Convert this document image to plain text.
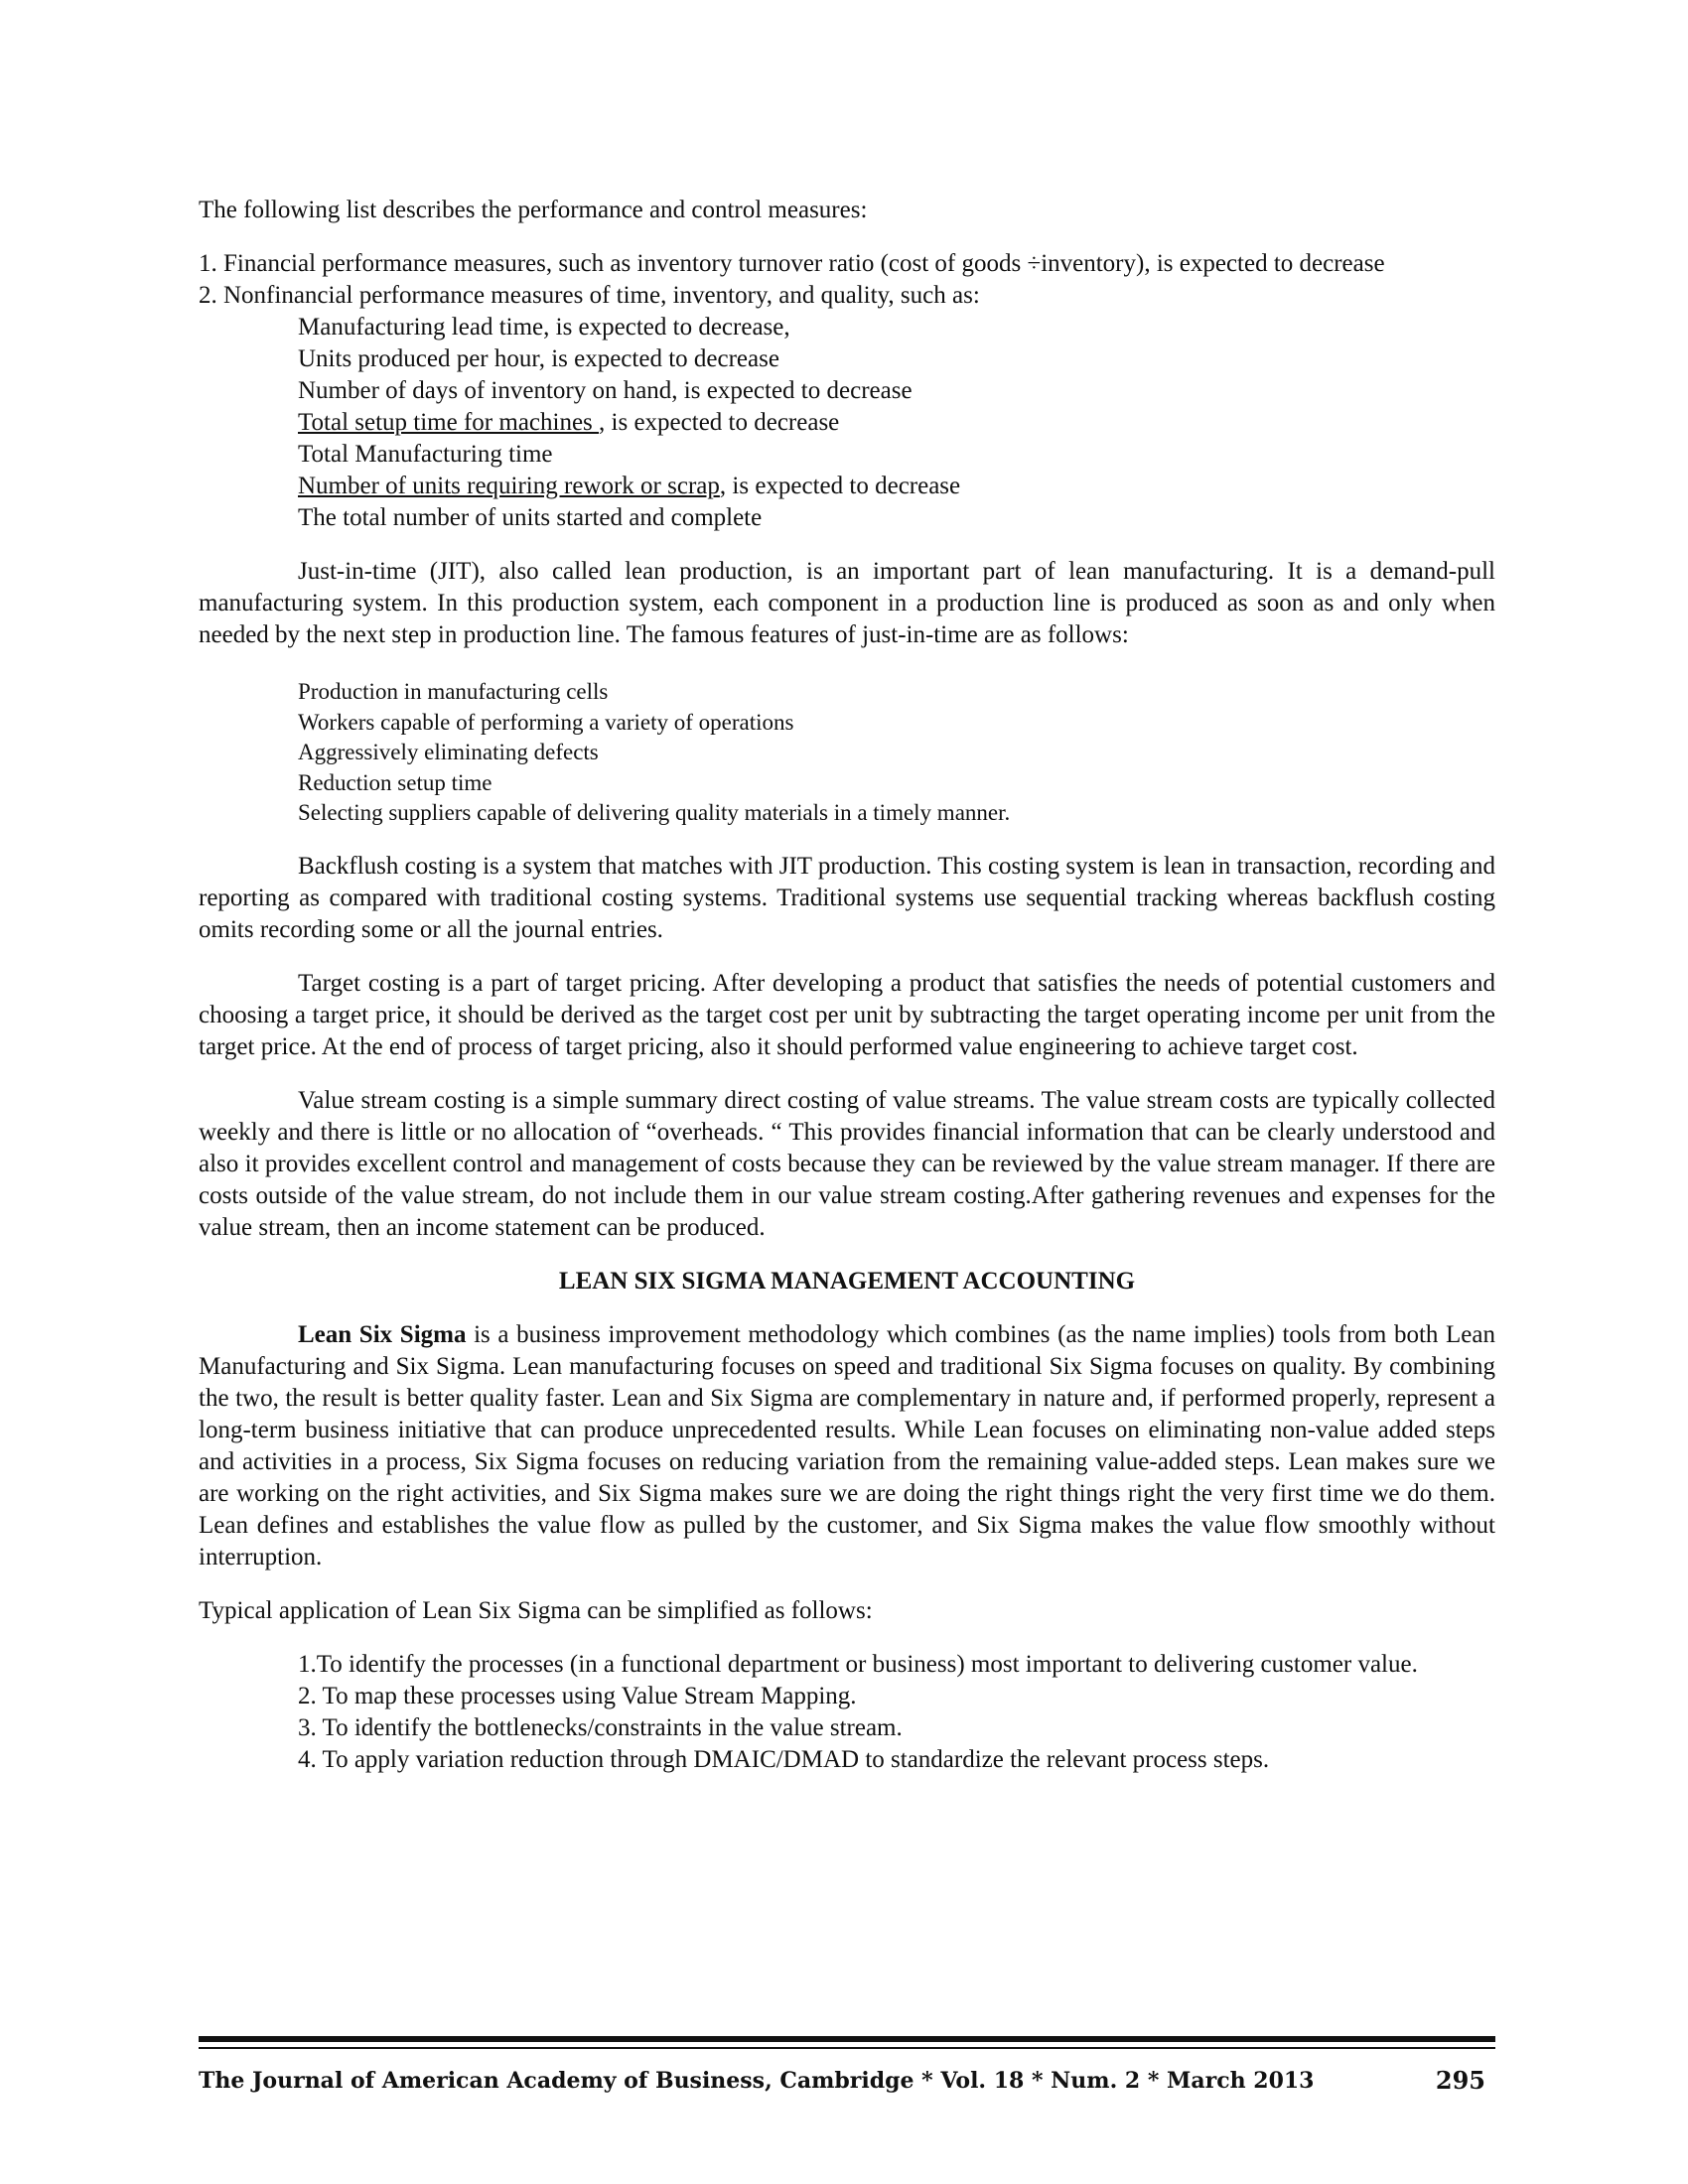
The following list describes the performance and control measures:

1. Financial performance measures, such as inventory turnover ratio (cost of goods ÷inventory), is expected to decrease

2. Nonfinancial performance measures of time, inventory, and quality, such as:

Manufacturing lead time, is expected to decrease,
Units produced per hour, is expected to decrease
Number of days of inventory on hand, is expected to decrease
Total setup time for machines , is expected to decrease
Total Manufacturing time
Number of units requiring rework or scrap, is expected to decrease
The total number of units started and complete

Just-in-time (JIT), also called lean production, is an important part of lean manufacturing. It is a demand-pull manufacturing system. In this production system, each component in a production line is produced as soon as and only when needed by the next step in production line. The famous features of just-in-time are as follows:

Production in manufacturing cells
Workers capable of performing a variety of operations
Aggressively eliminating defects
Reduction setup time
Selecting suppliers capable of delivering quality materials in a timely manner.

Backflush costing is a system that matches with JIT production. This costing system is lean in transaction, recording and reporting as compared with traditional costing systems. Traditional systems use sequential tracking whereas backflush costing omits recording some or all the journal entries.

Target costing is a part of target pricing. After developing a product that satisfies the needs of potential customers and choosing a target price, it should be derived as the target cost per unit by subtracting the target operating income per unit from the target price. At the end of process of target pricing, also it should performed value engineering to achieve target cost.

Value stream costing is a simple summary direct costing of value streams. The value stream costs are typically collected weekly and there is little or no allocation of “overheads. “ This provides financial information that can be clearly understood and also it provides excellent control and management of costs because they can be reviewed by the value stream manager. If there are costs outside of the value stream, do not include them in our value stream costing.After gathering revenues and expenses for the value stream, then an income statement can be produced.

LEAN SIX SIGMA MANAGEMENT ACCOUNTING

Lean Six Sigma is a business improvement methodology which combines (as the name implies) tools from both Lean Manufacturing and Six Sigma. Lean manufacturing focuses on speed and traditional Six Sigma focuses on quality. By combining the two, the result is better quality faster. Lean and Six Sigma are complementary in nature and, if performed properly, represent a long-term business initiative that can produce unprecedented results. While Lean focuses on eliminating non-value added steps and activities in a process, Six Sigma focuses on reducing variation from the remaining value-added steps. Lean makes sure we are working on the right activities, and Six Sigma makes sure we are doing the right things right the very first time we do them. Lean defines and establishes the value flow as pulled by the customer, and Six Sigma makes the value flow smoothly without interruption.

Typical application of Lean Six Sigma can be simplified as follows:

1.To identify the processes (in a functional department or business) most important to delivering customer value.

2. To map these processes using Value Stream Mapping.

3. To identify the bottlenecks/constraints in the value stream.

4. To apply variation reduction through DMAIC/DMAD to standardize the relevant process steps.

The Journal of American Academy of Business, Cambridge * Vol. 18 * Num. 2 * March 2013	295
